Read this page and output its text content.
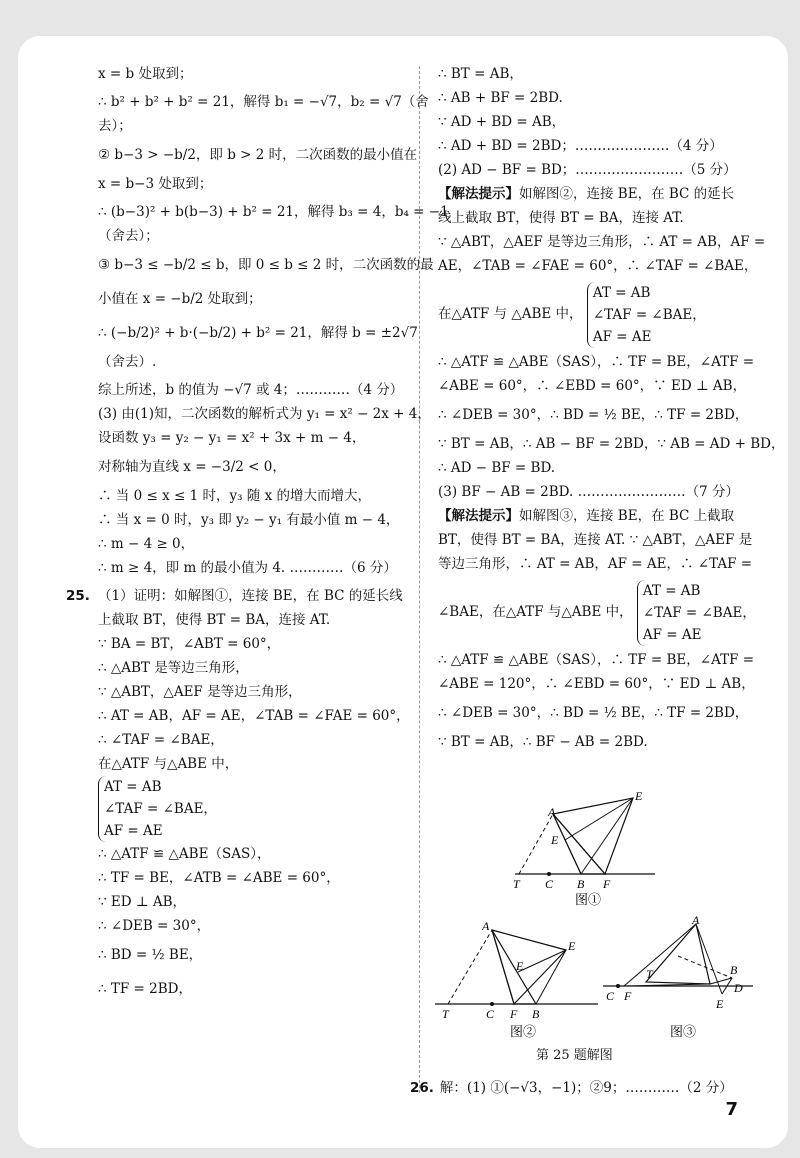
x = b 处取到；
∴ b² + b² + b² = 21，解得 b₁ = −√7，b₂ = √7（舍
去）；
② b−3 > −b/2，即 b > 2 时，二次函数的最小值在
x = b−3 处取到；
∴ (b−3)² + b(b−3) + b² = 21，解得 b₃ = 4，b₄ = −1
（舍去）；
③ b−3 ≤ −b/2 ≤ b，即 0 ≤ b ≤ 2 时，二次函数的最
小值在 x = −b/2 处取到；
∴ (−b/2)² + b·(−b/2) + b² = 21，解得 b = ±2√7
（舍去）.
综上所述，b 的值为 −√7 或 4；…………（4 分）
(3) 由(1)知，二次函数的解析式为 y₁ = x² − 2x + 4，
设函数 y₃ = y₂ − y₁ = x² + 3x + m − 4，
对称轴为直线 x = −3/2 < 0，
∴ 当 0 ≤ x ≤ 1 时，y₃ 随 x 的增大而增大，
∴ 当 x = 0 时，y₃ 即 y₂ − y₁ 有最小值 m − 4，
∴ m − 4 ≥ 0，
∴ m ≥ 4，即 m 的最小值为 4. …………（6 分）
25. （1）证明：如解图①，连接 BE，在 BC 的延长线
上截取 BT，使得 BT = BA，连接 AT.
∵ BA = BT，∠ABT = 60°，
∴ △ABT 是等边三角形，
∵ △ABT，△AEF 是等边三角形，
∴ AT = AB，AF = AE，∠TAB = ∠FAE = 60°，
∴ ∠TAF = ∠BAE，
在△ATF 与△ABE 中，
AT = AB
∠TAF = ∠BAE，
AF = AE
∴ △ATF ≌ △ABE（SAS），
∴ TF = BE，∠ATB = ∠ABE = 60°，
∵ ED ⊥ AB，
∴ ∠DEB = 30°，
∴ BD = ½ BE，
∴ TF = 2BD，
∴ BT = AB，
∴ AB + BF = 2BD.
∵ AD + BD = AB，
∴ AD + BD = 2BD；…………………（4 分）
(2) AD − BF = BD；……………………（5 分）
【解法提示】如解图②，连接 BE，在 BC 的延长
线上截取 BT，使得 BT = BA，连接 AT.
∵ △ABT，△AEF 是等边三角形，∴ AT = AB，AF =
AE，∠TAB = ∠FAE = 60°，∴ ∠TAF = ∠BAE，
在△ATF 与 △ABE 中，
AT = AB
∠TAF = ∠BAE，
AF = AE
∴ △ATF ≌ △ABE（SAS），∴ TF = BE，∠ATF =
∠ABE = 60°，∴ ∠EBD = 60°，∵ ED ⊥ AB，
∴ ∠DEB = 30°，∴ BD = ½ BE，∴ TF = 2BD，
∵ BT = AB，∴ AB − BF = 2BD，∵ AB = AD + BD，
∴ AD − BF = BD.
(3) BF − AB = 2BD. ……………………（7 分）
【解法提示】如解图③，连接 BE，在 BC 上截取
BT，使得 BT = BA，连接 AT. ∵ △ABT，△AEF 是
等边三角形，∴ AT = AB，AF = AE，∴ ∠TAF =
∠BAE，在△ATF 与△ABE 中，
AT = AB
∠TAF = ∠BAE，
AF = AE
∴ △ATF ≌ △ABE（SAS），∴ TF = BE，∠ATF =
∠ABE = 120°，∴ ∠EBD = 60°，∵ ED ⊥ AB，
∴ ∠DEB = 30°，∴ BD = ½ BE，∴ TF = 2BD，
∵ BT = AB，∴ BF − AB = 2BD.
A
E
E
T C B F
图①
A
E
E
T	C F B
图②
A
T
C F
B
D
E
图③
第 25 题解图
26. 解：(1) ①(−√3，−1)；②9；…………（2 分）
7
